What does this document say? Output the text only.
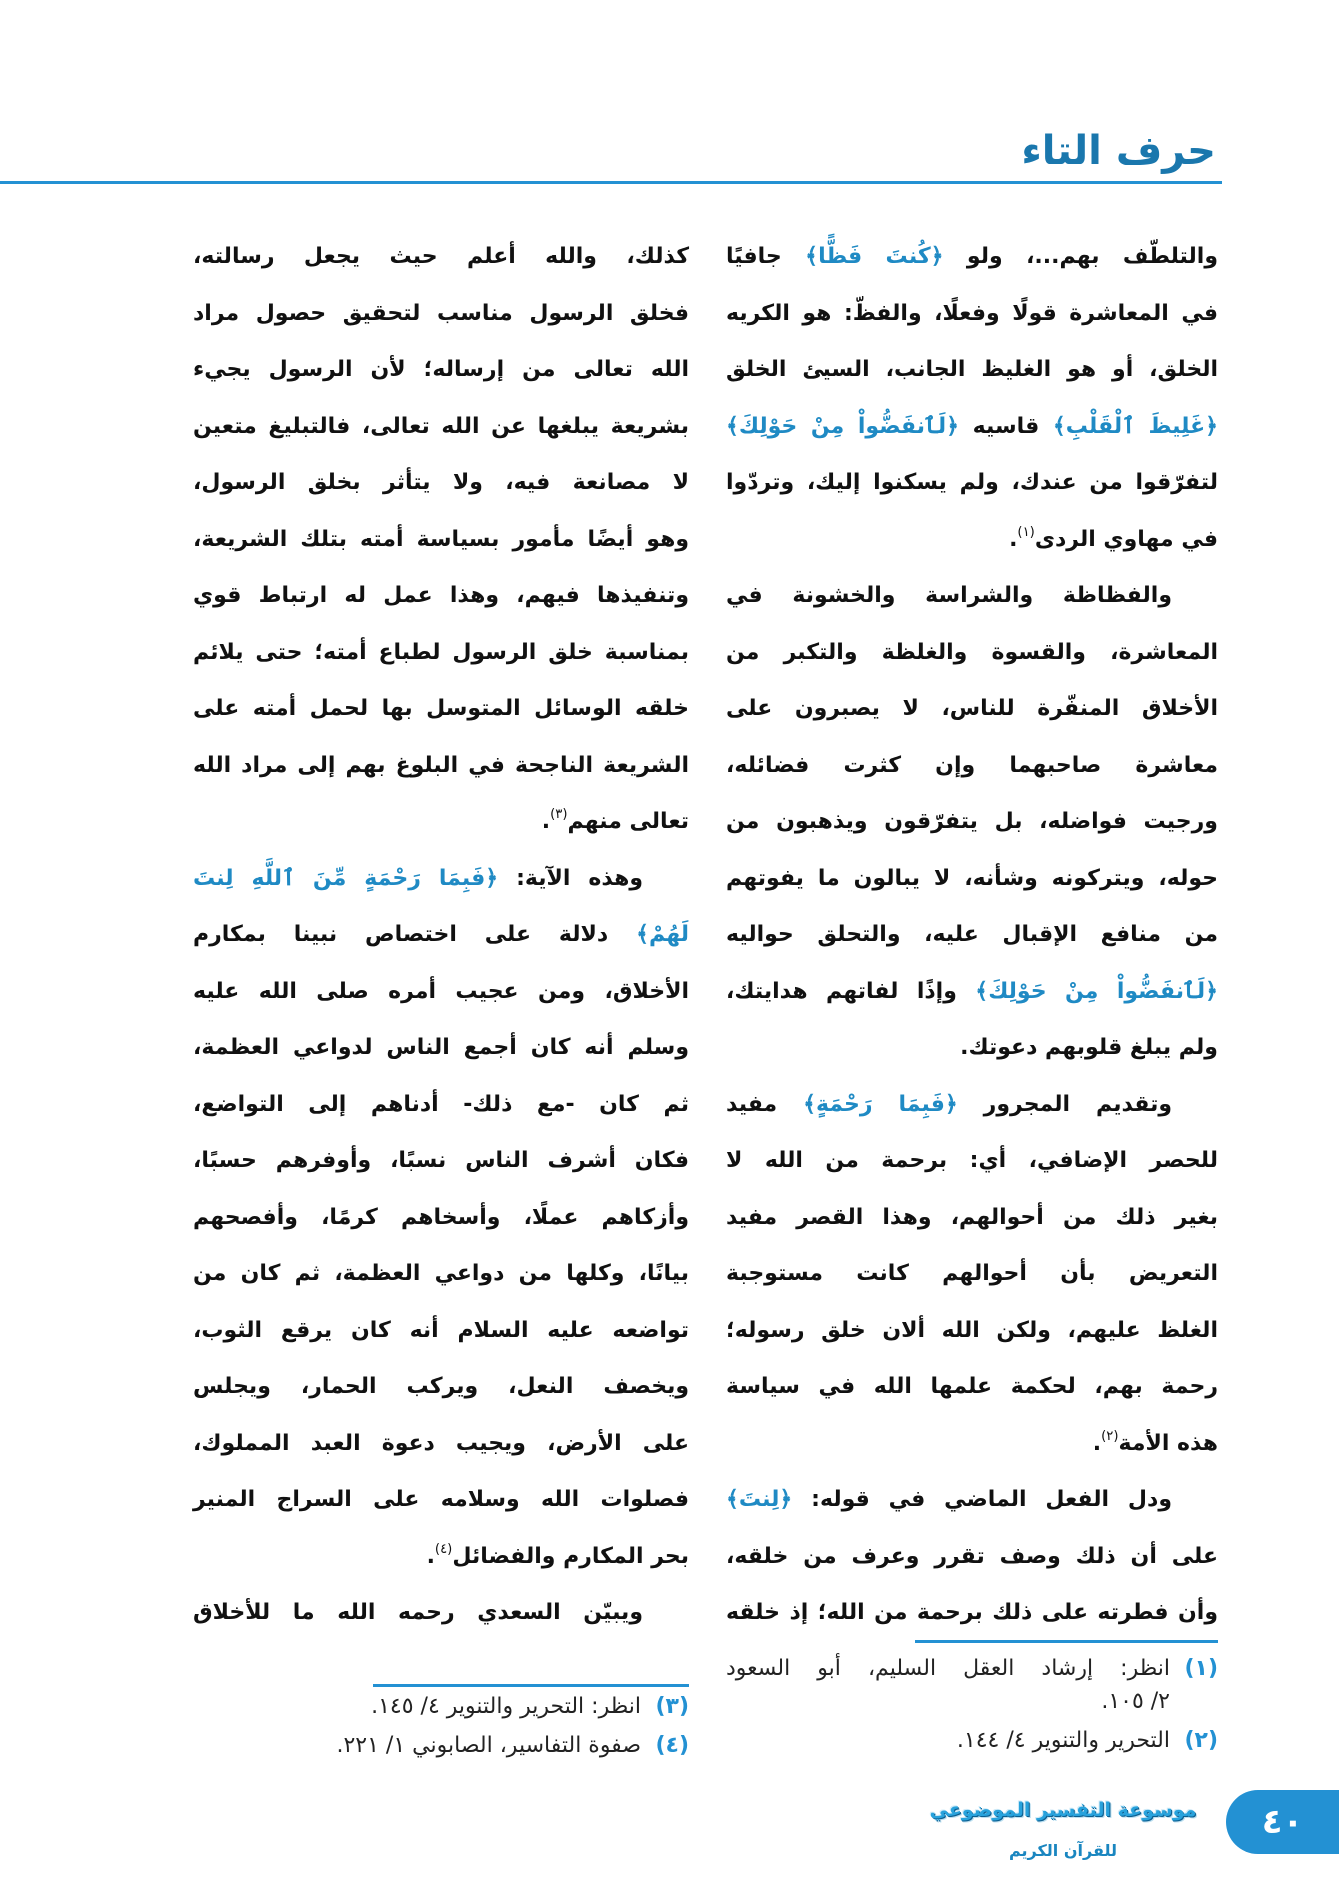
حرف التاء
والتلطّف بهم...، ولو ﴿كُنتَ فَظًّا﴾ جافيًا
في المعاشرة قولًا وفعلًا، والفظّ: هو الكريه
الخلق، أو هو الغليظ الجانب، السيئ الخلق
﴿غَلِيظَ ٱلْقَلْبِ﴾ قاسيه ﴿لَٱنفَضُّواْ مِنْ حَوْلِكَ﴾
لتفرّقوا من عندك، ولم يسكنوا إليك، وتردّوا
في مهاوي الردى$^{(١)}$.
والفظاظة والشراسة والخشونة في
المعاشرة، والقسوة والغلظة والتكبر من
الأخلاق المنفّرة للناس، لا يصبرون على
معاشرة صاحبهما وإن كثرت فضائله،
ورجيت فواضله، بل يتفرّقون ويذهبون من
حوله، ويتركونه وشأنه، لا يبالون ما يفوتهم
من منافع الإقبال عليه، والتحلق حواليه
﴿لَٱنفَضُّواْ مِنْ حَوْلِكَ﴾ وإذًا لفاتهم هدايتك،
ولم يبلغ قلوبهم دعوتك.
وتقديم المجرور ﴿فَبِمَا رَحْمَةٍ﴾ مفيد
للحصر الإضافي، أي: برحمة من الله لا
بغير ذلك من أحوالهم، وهذا القصر مفيد
التعريض بأن أحوالهم كانت مستوجبة
الغلظ عليهم، ولكن الله ألان خلق رسوله؛
رحمة بهم، لحكمة علمها الله في سياسة
هذه الأمة$^{(٢)}$.
ودل الفعل الماضي في قوله: ﴿لِنتَ﴾
على أن ذلك وصف تقرر وعرف من خلقه،
وأن فطرته على ذلك برحمة من الله؛ إذ خلقه
كذلك، والله أعلم حيث يجعل رسالته،
فخلق الرسول مناسب لتحقيق حصول مراد
الله تعالى من إرساله؛ لأن الرسول يجيء
بشريعة يبلغها عن الله تعالى، فالتبليغ متعين
لا مصانعة فيه، ولا يتأثر بخلق الرسول،
وهو أيضًا مأمور بسياسة أمته بتلك الشريعة،
وتنفيذها فيهم، وهذا عمل له ارتباط قوي
بمناسبة خلق الرسول لطباع أمته؛ حتى يلائم
خلقه الوسائل المتوسل بها لحمل أمته على
الشريعة الناجحة في البلوغ بهم إلى مراد الله
تعالى منهم$^{(٣)}$.
وهذه الآية: ﴿فَبِمَا رَحْمَةٍ مِّنَ ٱللَّهِ لِنتَ
لَهُمْ﴾ دلالة على اختصاص نبينا بمكارم
الأخلاق، ومن عجيب أمره صلى الله عليه
وسلم أنه كان أجمع الناس لدواعي العظمة،
ثم كان -مع ذلك- أدناهم إلى التواضع،
فكان أشرف الناس نسبًا، وأوفرهم حسبًا،
وأزكاهم عملًا، وأسخاهم كرمًا، وأفصحهم
بيانًا، وكلها من دواعي العظمة، ثم كان من
تواضعه عليه السلام أنه كان يرقع الثوب،
ويخصف النعل، ويركب الحمار، ويجلس
على الأرض، ويجيب دعوة العبد المملوك،
فصلوات الله وسلامه على السراج المنير
بحر المكارم والفضائل$^{(٤)}$.
ويبيّن السعدي رحمه الله ما للأخلاق
(١)
انظر: إرشاد العقل السليم، أبو السعود
٢/ ١٠٥.
(٢)
التحرير والتنوير ٤/ ١٤٤.
(٣)
انظر: التحرير والتنوير ٤/ ١٤٥.
(٤)
صفوة التفاسير، الصابوني ١/ ٢٢١.
موسوعة التفسير الموضوعي
للقرآن الكريم
٤٠
